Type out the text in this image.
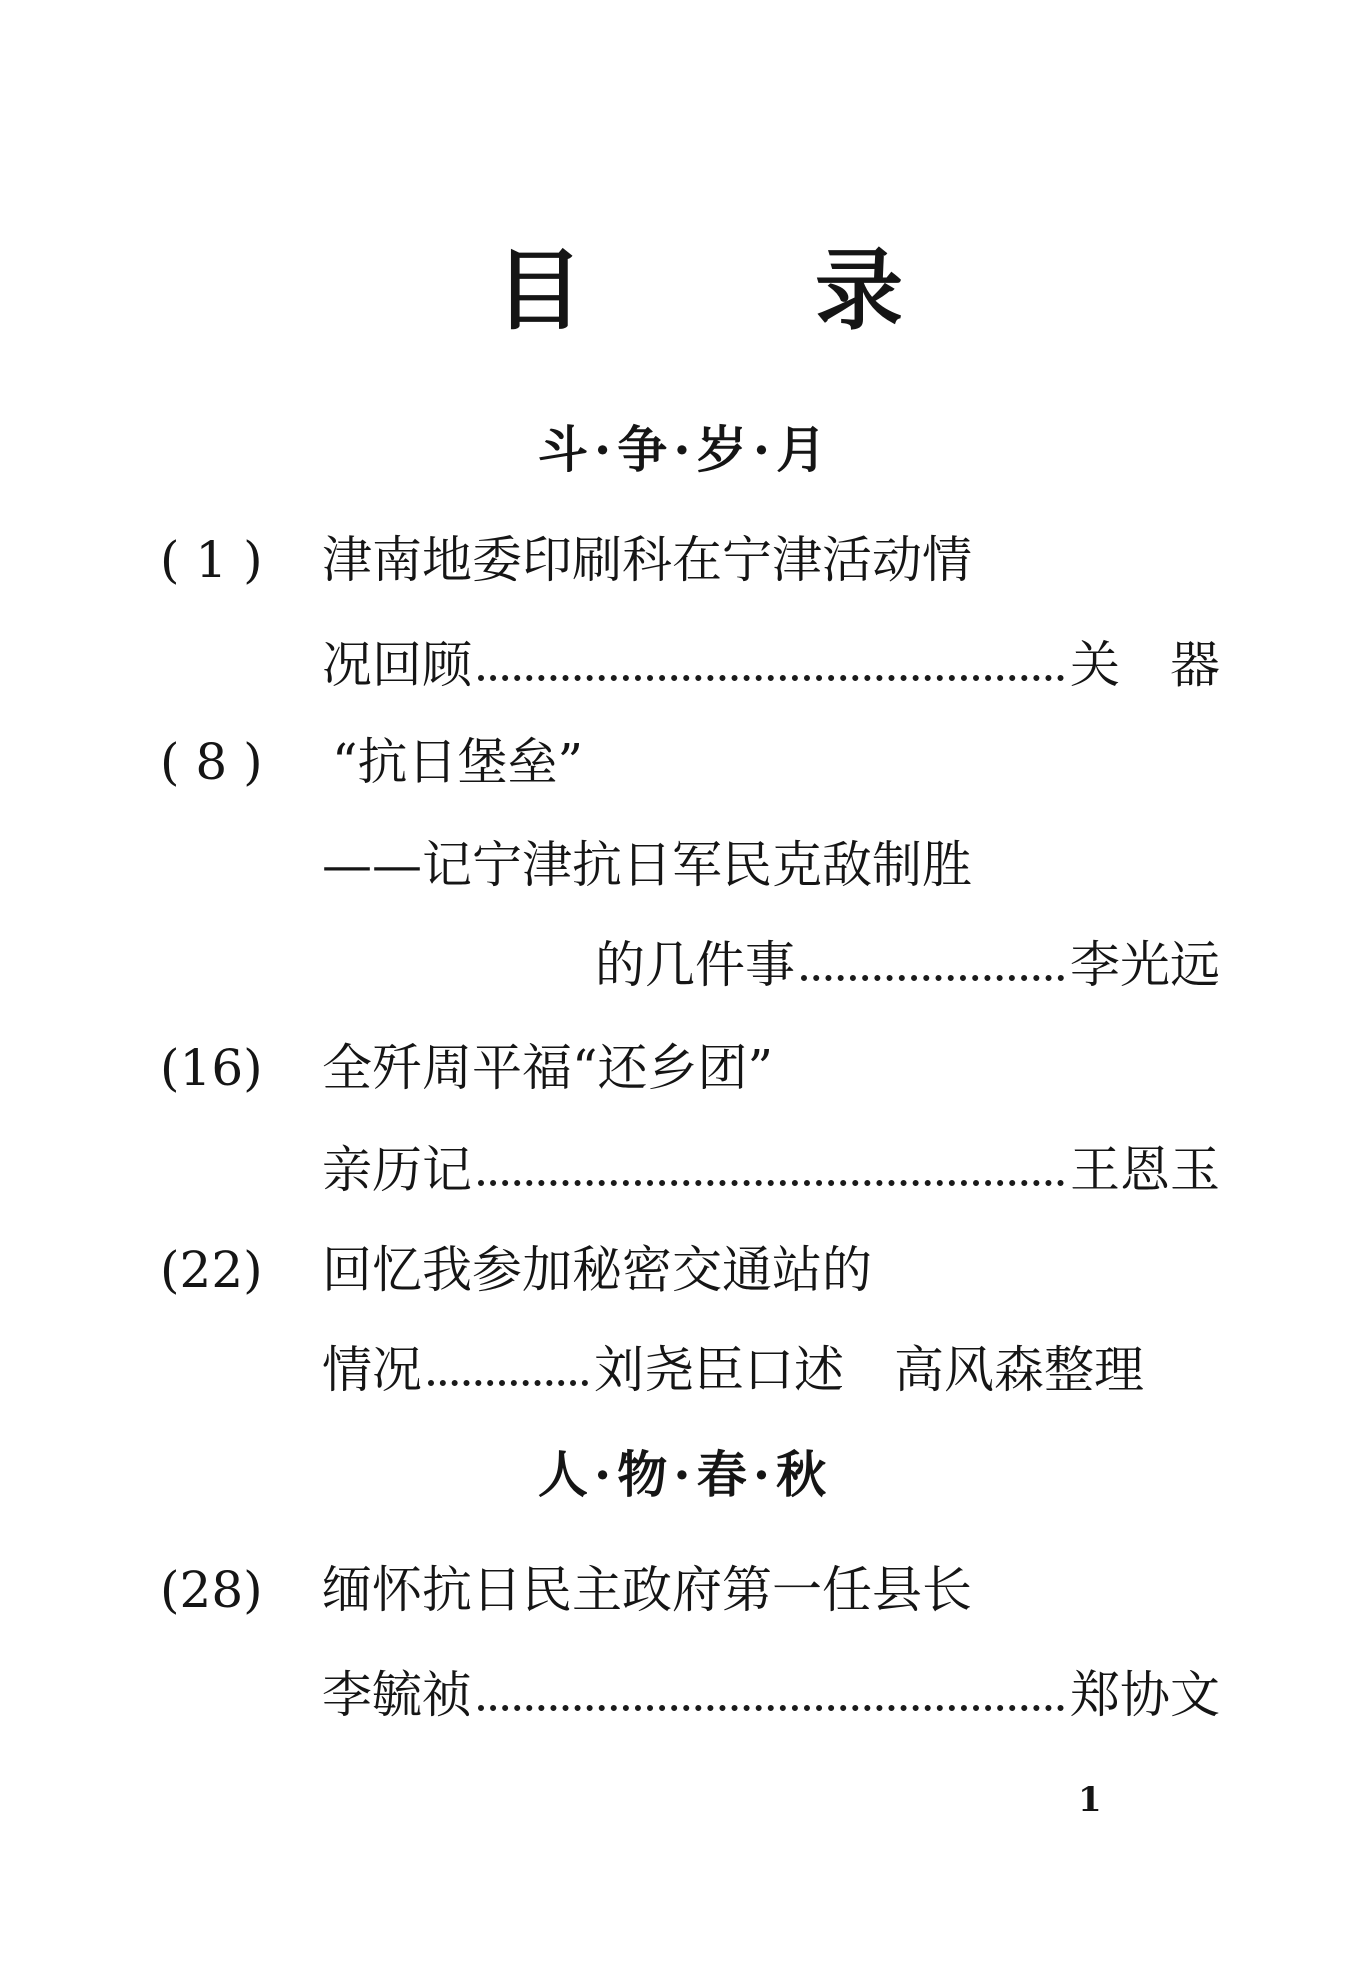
目	录
斗·争·岁·月
( 1 ) 津南地委印刷科在宁津活动情
况回顾	关　器
( 8 ) “抗日堡垒”
——记宁津抗日军民克敌制胜
的几件事	李光远
(16) 全歼周平福“还乡团”
亲历记	王恩玉
(22) 回忆我参加秘密交通站的
情况	刘尧臣口述　高风森整理
人·物·春·秋
(28) 缅怀抗日民主政府第一任县长
李毓祯	郑协文
1
